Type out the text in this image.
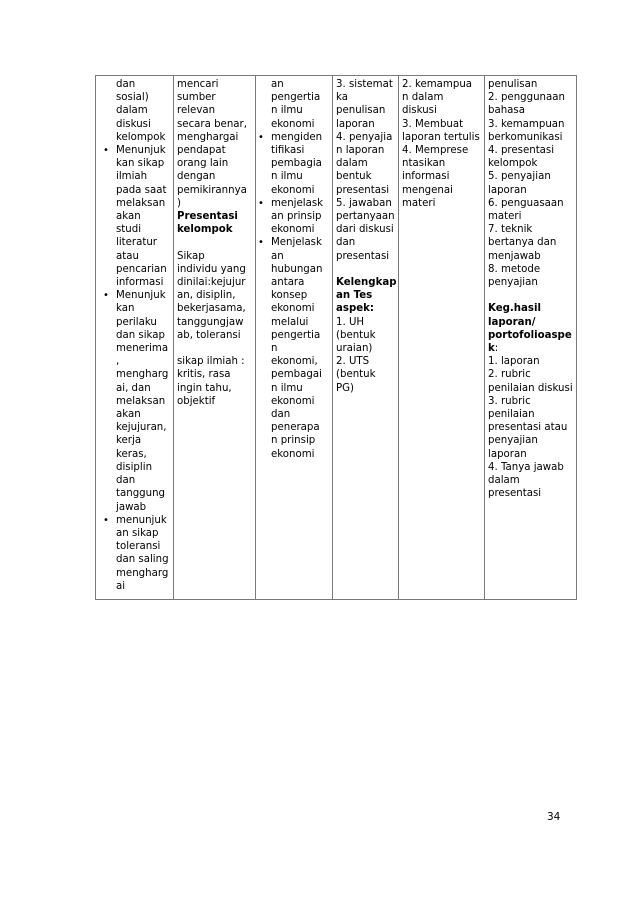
dan
sosial)
dalam
diskusi
kelompok
• Menunjuk
kan sikap
ilmiah
pada saat
melaksan
akan
studi
literatur
atau
pencarian
informasi
• Menunjuk
kan
perilaku
dan sikap
menerima
,
mengharg
ai, dan
melaksan
akan
kejujuran,
kerja
keras,
disiplin
dan
tanggung
jawab
• menunjuk
an sikap
toleransi
dan saling
mengharg
ai

mencari
sumber
relevan
secara benar,
menghargai
pendapat
orang lain
dengan
pemikirannya
)
Presentasi
kelompok
Sikap
individu yang
dinilai:kejujur
an, disiplin,
bekerjasama,
tanggungjaw
ab, toleransi
sikap ilmiah :
kritis, rasa
ingin tahu,
objektif

an
pengertia
n ilmu
ekonomi
• mengiden
tifikasi
pembagia
n ilmu
ekonomi
• menjelask
an prinsip
ekonomi
• Menjelask
an
hubungan
antara
konsep
ekonomi
melalui
pengertia
n
ekonomi,
pembagai
n ilmu
ekonomi
dan
penerapa
n prinsip
ekonomi

3. sistemat
ka
penulisan
laporan
4. penyajia
n laporan
dalam
bentuk
presentasi
5. jawaban
pertanyaan
dari diskusi
dan
presentasi
Kelengkap
an Tes
aspek:
1. UH
(bentuk
uraian)
2. UTS
(bentuk
PG)

2. kemampua
n dalam
diskusi
3. Membuat
laporan tertulis
4. Memprese
ntasikan
informasi
mengenai
materi

penulisan
2. penggunaan
bahasa
3. kemampuan
berkomunikasi
4. presentasi
kelompok
5. penyajian
laporan
6. penguasaan
materi
7. teknik
bertanya dan
menjawab
8. metode
penyajian
Keg.hasil
laporan/
portofolioaspe
k:
1. laporan
2. rubric
penilaian diskusi
3. rubric
penilaian
presentasi atau
penyajian
laporan
4. Tanya jawab
dalam
presentasi
34
